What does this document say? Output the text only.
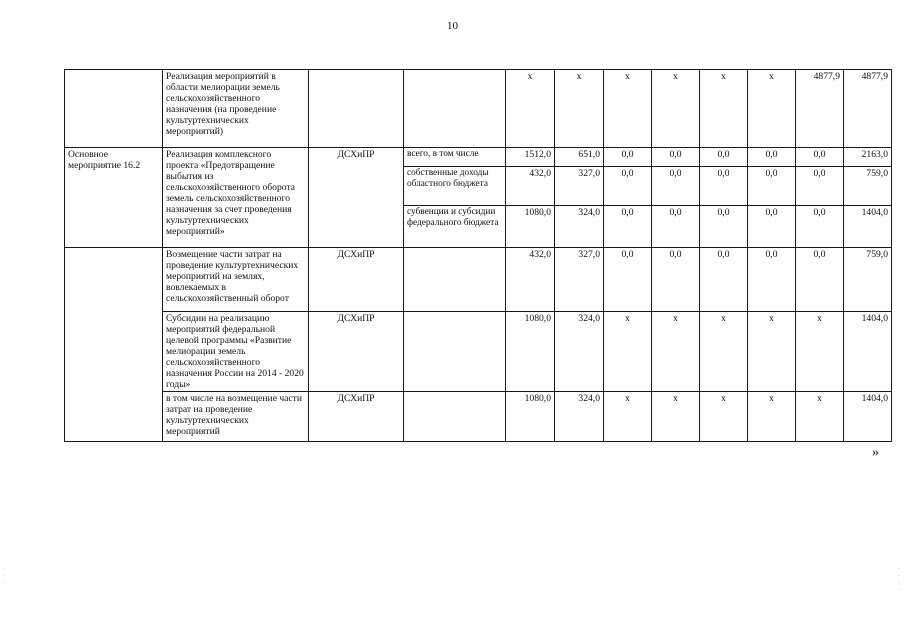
10
	Реализация мероприятий в области мелиорации земель сельскохозяйственного назначения (на проведение культуртехнических мероприятий)			х	х	х	х	х	х	4877,9	4877,9
Основное мероприятие 16.2	Реализация комплексного проекта «Предотвращение выбытия из сельскохозяйственного оборота земель сельскохозяйственного назначения за счет проведения культуртехнических мероприятий»	ДСХиПР	всего, в том числе	1512,0	651,0	0,0	0,0	0,0	0,0	0,0	2163,0
			собственные доходы областного бюджета	432,0	327,0	0,0	0,0	0,0	0,0	0,0	759,0
			субвенции и субсидии федерального бюджета	1080,0	324,0	0,0	0,0	0,0	0,0	0,0	1404,0
	Возмещение части затрат на проведение культуртехнических мероприятий на землях, вовлекаемых в сельскохозяйственный оборот	ДСХиПР		432,0	327,0	0,0	0,0	0,0	0,0	0,0	759,0
	Субсидии на реализацию мероприятий федеральной целевой программы «Развитие мелиорации земель сельскохозяйственного назначения России на 2014 - 2020 годы»	ДСХиПР		1080,0	324,0	х	х	х	х	х	1404,0
	в том числе на возмещение части затрат на проведение культуртехнических мероприятий	ДСХиПР		1080,0	324,0	х	х	х	х	х	1404,0
»
·
·
·
·
·
·
·
